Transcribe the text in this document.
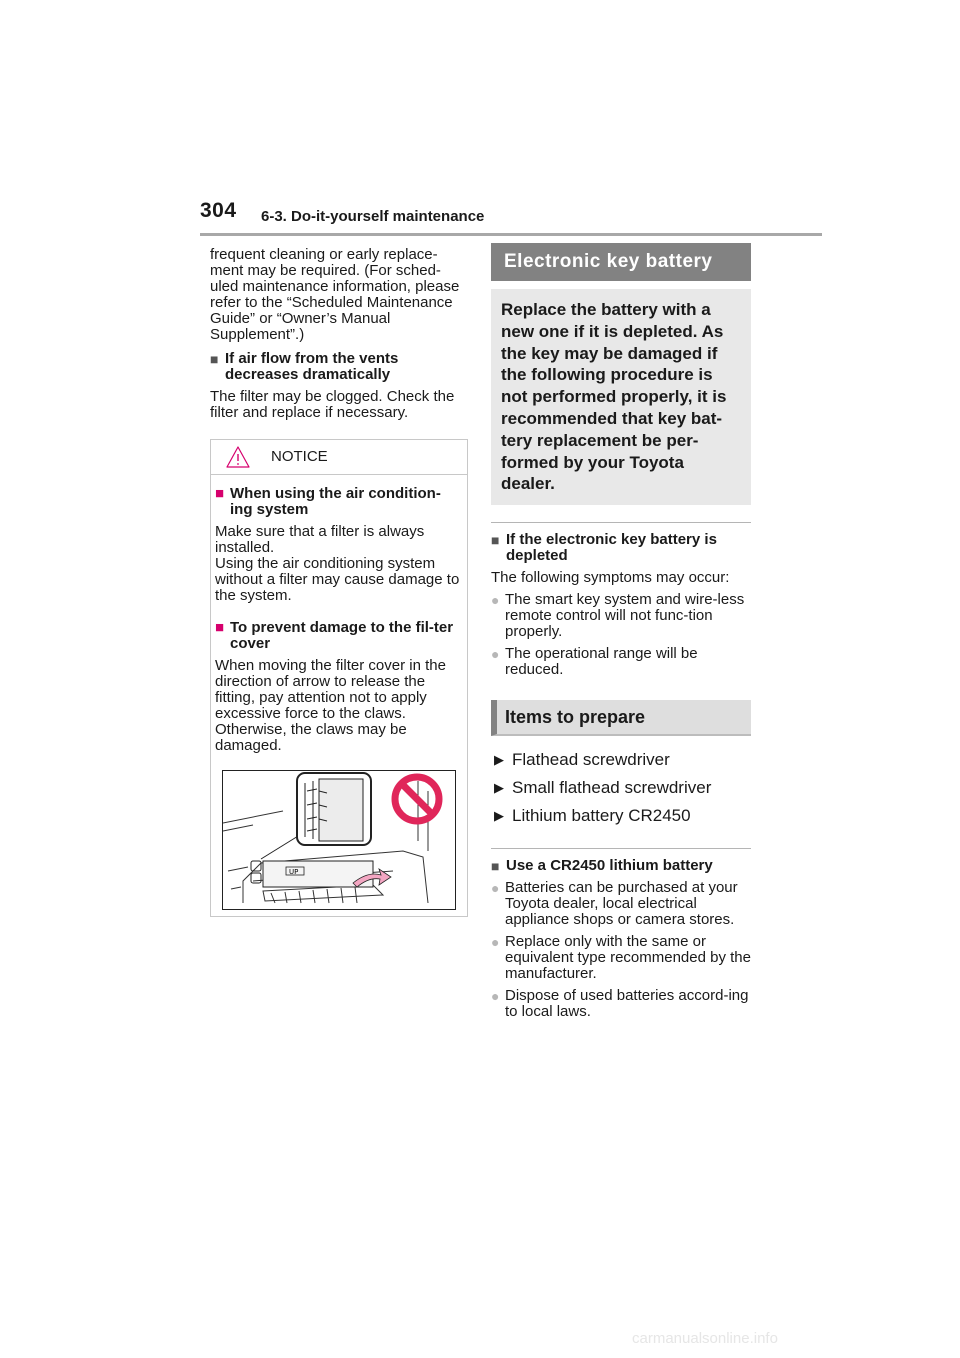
304 6-3. Do-it-yourself maintenance

frequent cleaning or early replace-ment may be required. (For sched-uled maintenance information, please refer to the “Scheduled Maintenance Guide” or “Owner’s Manual Supplement”.)

■ If air flow from the vents decreases dramatically

The filter may be clogged. Check the filter and replace if necessary.

NOTICE
■ When using the air condition-ing system

Make sure that a filter is always installed.

Using the air conditioning system without a filter may cause damage to the system.

■ To prevent damage to the fil-ter cover

When moving the filter cover in the direction of arrow to release the fitting, pay attention not to apply excessive force to the claws. Otherwise, the claws may be damaged.

UP
Electronic key battery
Replace the battery with a new one if it is depleted. As the key may be damaged if the following procedure is not performed properly, it is recommended that key bat-tery replacement be per-formed by your Toyota dealer.
■ If the electronic key battery is depleted

The following symptoms may occur:

● The smart key system and wire-less remote control will not func-tion properly.
● The operational range will be reduced.
Items to prepare
▶ Flathead screwdriver
▶ Small flathead screwdriver
▶ Lithium battery CR2450
■ Use a CR2450 lithium battery
● Batteries can be purchased at your Toyota dealer, local electrical appliance shops or camera stores.
● Replace only with the same or equivalent type recommended by the manufacturer.
● Dispose of used batteries accord-ing to local laws.
carmanualsonline.info
